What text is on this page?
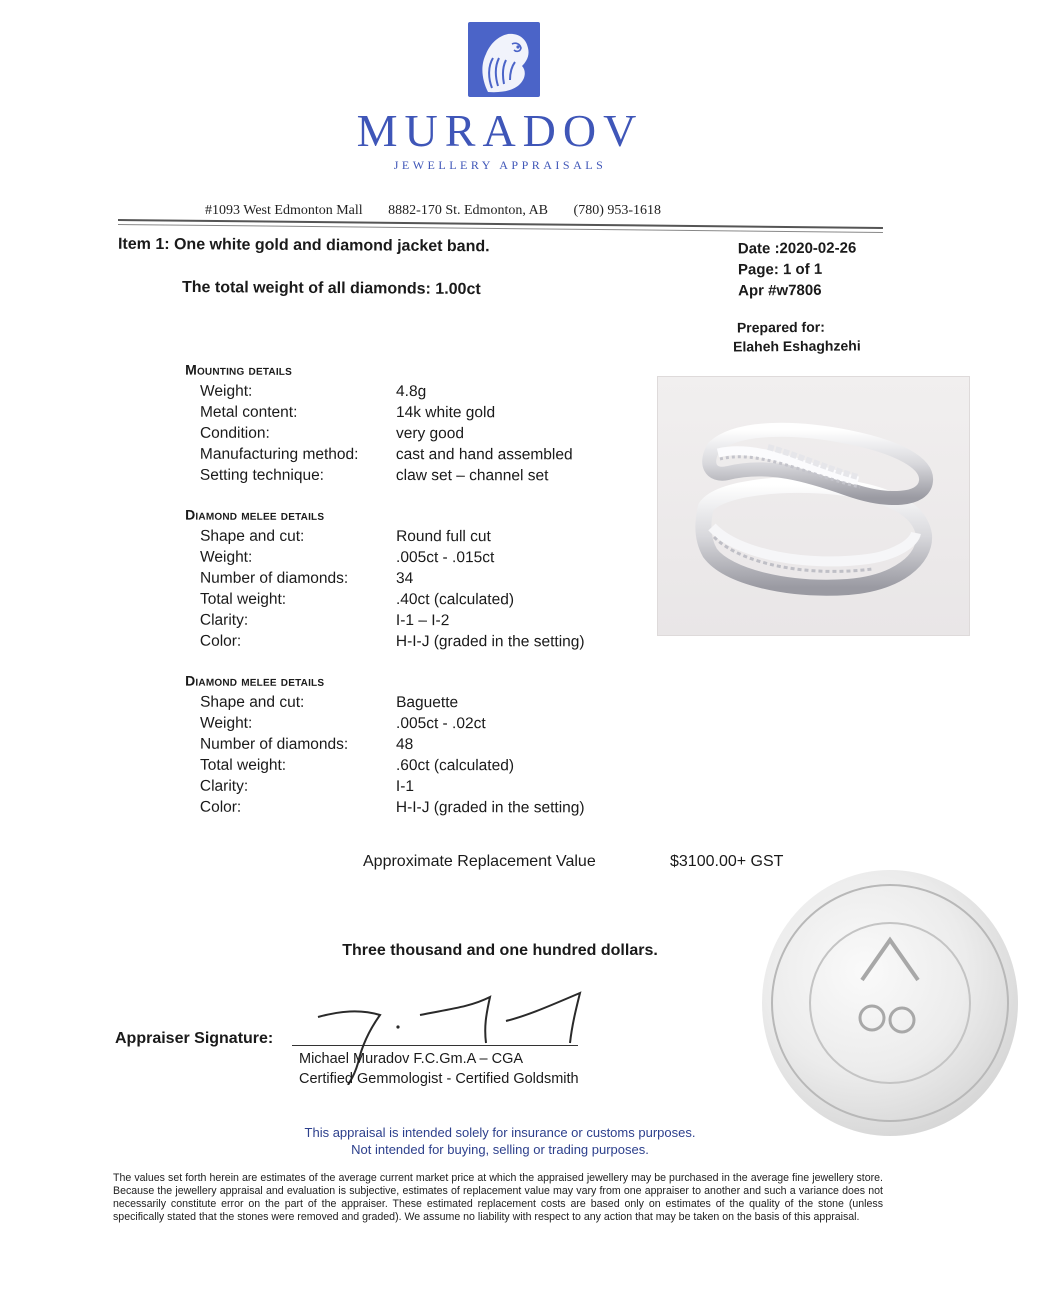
MURADOV
JEWELLERY APPRAISALS
#1093 West Edmonton Mall 8882-170 St. Edmonton, AB (780) 953-1618
Item 1: One white gold and diamond jacket band.
The total weight of all diamonds: 1.00ct
Date :2020-02-26
Page: 1 of 1
Apr #w7806
Prepared for:
Elaheh Eshaghzehi
Mounting details
Weight:	4.8g
Metal content:	14k white gold
Condition:	very good
Manufacturing method:	cast and hand assembled
Setting technique:	claw set – channel set
Diamond melee details
Shape and cut:	Round full cut
Weight:	.005ct - .015ct
Number of diamonds:	34
Total weight:	.40ct (calculated)
Clarity:	I-1 – I-2
Color:	H-I-J (graded in the setting)
Diamond melee details
Shape and cut:	Baguette
Weight:	.005ct - .02ct
Number of diamonds:	48
Total weight:	.60ct (calculated)
Clarity:	I-1
Color:	H-I-J (graded in the setting)
Approximate Replacement Value	$3100.00+ GST
Three thousand and one hundred dollars.
Appraiser Signature:
Michael Muradov F.C.Gm.A – CGA
Certified Gemmologist - Certified Goldsmith
This appraisal is intended solely for insurance or customs purposes.
Not intended for buying, selling or trading purposes.
The values set forth herein are estimates of the average current market price at which the appraised jewellery may be purchased in the average fine jewellery store. Because the jewellery appraisal and evaluation is subjective, estimates of replacement value may vary from one appraiser to another and such a variance does not necessarily constitute error on the part of the appraiser. These estimated replacement costs are based only on estimates of the quality of the stone (unless specifically stated that the stones were removed and graded). We assume no liability with respect to any action that may be taken on the basis of this appraisal.
